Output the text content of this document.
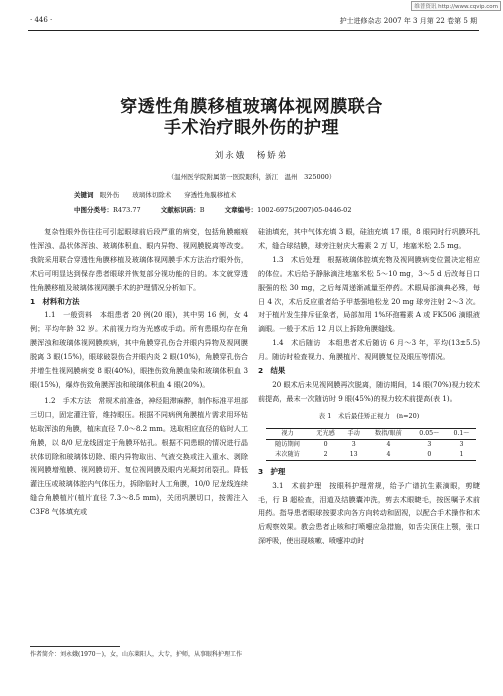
维普资讯 http://www.cqvip.com
· 446 ·	护士进修杂志 2007 年 3 月第 22 卷第 5 期
穿透性角膜移植玻璃体视网膜联合
手术治疗眼外伤的护理
刘永娥　杨娇弟
（温州医学院附属第一医院眼科，浙江　温州　325000）
关键词 眼外伤　　玻璃体切除术　　穿透性角膜移植术
中图分类号：R473.77	文献标识码：B	文章编号：1002-6975(2007)05-0446-02

复杂性眼外伤往往可引起眼球前后段严重的病变，包括角膜瘢痕性浑浊、晶状体浑浊、玻璃体积血、眼内异物、视网膜脱离等改变。我院采用联合穿透性角膜移植及玻璃体视网膜手术方法治疗眼外伤，术后可明显达到保存患者眼球并恢复部分视功能的目的。本文就穿透性角膜移植及玻璃体视网膜手术的护理情况分析如下。

1　材料和方法

1.1　一般资料　本组患者 20 例(20 眼)，其中男 16 例，女 4 例；平均年龄 32 岁。术前视力均为光感或手动。所有患眼均存在角膜浑浊和玻璃体视网膜疾病，其中角膜穿孔伤合并眼内异物及视网膜脱离 3 眼(15%)，眼球破裂伤合并眼内炎 2 眼(10%)，角膜穿孔伤合并增生性视网膜病变 8 眼(40%)，眼挫伤致角膜血染和玻璃体积血 3 眼(15%)，爆炸伤致角膜浑浊和玻璃体积血 4 眼(20%)。

1.2　手术方法　常规术前准备，神经阻滞麻醉，制作标准平坦部三切口，固定灌注管，维持眼压。根据不同病例角膜植片需求用环钻钻取浑浊的角膜，植床直径 7.0～8.2 mm。选取相应直径的临时人工角膜，以 8/0 尼龙线固定于角膜环钻孔。根据不同患眼的情况进行晶状体切除和玻璃体切除、眼内异物取出、气液交换或注入重水、剥除视网膜增殖膜、视网膜切开、复位视网膜及眼内光凝封闭裂孔。降低灌注压或玻璃体腔内气体压力，拆除临时人工角膜，10/0 尼龙线连续缝合角膜植片(植片直径 7.3～8.5 mm)，关闭巩膜切口，按需注入 C3F8 气体填充或

作者简介：刘永娥(1970－)，女，山东莱阳人，大专，护师，从事眼科护理工作

硅油填充，其中气体充填 3 眼，硅油充填 17 眼，8 眼同时行巩膜环扎术，缝合球结膜，球旁注射庆大霉素 2 万 U，地塞米松 2.5 mg。

1.3　术后处理　根据玻璃体腔填充物及视网膜病变位置决定相应的体位。术后给予静脉滴注地塞米松 5～10 mg，3～5 d 后改每日口服强的松 30 mg，之后每周递渐减量至停药。术眼局部滴典必殊，每日 4 次，术后反应重者给予甲基强地松龙 20 mg 球旁注射 2～3 次。对于植片发生排斥征象者，局部加用 1%环孢霉素 A 或 FK506 滴眼液滴眼。一般于术后 12 月以上拆除角膜缝线。

1.4　术后随访　本组患者术后随访 6 月～3 年，平均(13±5.5)月。随访时检查视力、角膜植片、视网膜复位及眼压等情况。

2　结果

20 眼术后未见视网膜再次脱离，随访期间，14 眼(70%)视力较术前提高，最末一次随访时 9 眼(45%)的视力较术前提高(表 1)。

表 1　术后最佳矫正视力　(n=20)
视力	无光感	手动	数指/眼前	0.05～	0.1～
随访期间	0	3	4	3	3
末次随访	2	13	4	0	1

3　护理

3.1　术前护理　按眼科护理常规，给予广谱抗生素滴眼，剪睫毛，行 B 超检查，泪道及结膜囊冲洗，剪去术眼睫毛，按医嘱予术前用药。指导患者眼球按要求向各方向转动和固视，以配合手术操作和术后观察效果。教会患者止咳和打喷嚏应急措施，如舌尖顶住上颚，张口深呼吸，使出现咳嗽、喷嚏冲动时
